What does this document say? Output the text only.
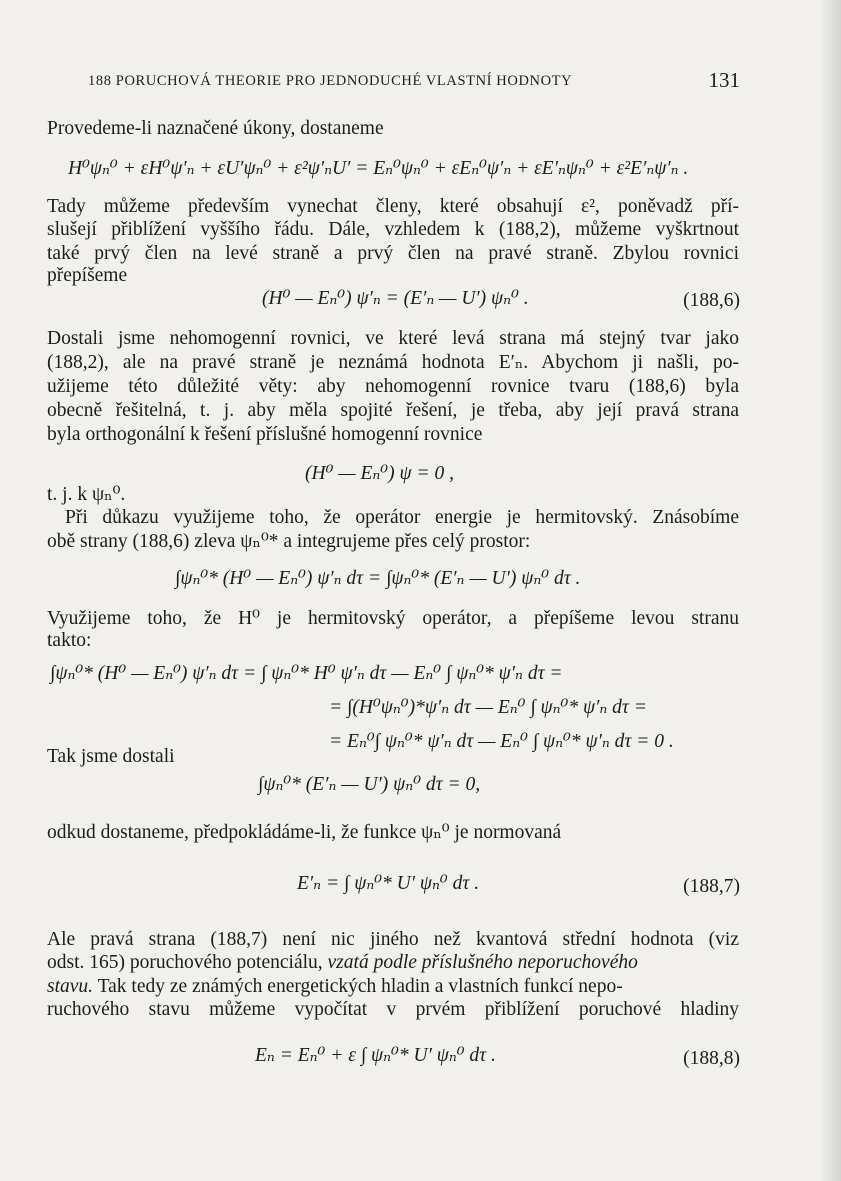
188 PORUCHOVÁ THEORIE PRO JEDNODUCHÉ VLASTNÍ HODNOTY	131
Provedeme-li naznačené úkony, dostaneme
H⁰ψₙ⁰ + εH⁰ψ′ₙ + εU′ψₙ⁰ + ε²ψ′ₙU′ = Eₙ⁰ψₙ⁰ + εEₙ⁰ψ′ₙ + εE′ₙψₙ⁰ + ε²E′ₙψ′ₙ .
Tady můžeme především vynechat členy, které obsahují ε², poněvadž pří-
slušejí přiblížení vyššího řádu. Dále, vzhledem k (188,2), můžeme vyškrtnout
také prvý člen na levé straně a prvý člen na pravé straně. Zbylou rovnici
přepíšeme
(H⁰ — Eₙ⁰) ψ′ₙ = (E′ₙ — U′) ψₙ⁰ .	(188,6)
Dostali jsme nehomogenní rovnici, ve které levá strana má stejný tvar jako
(188,2), ale na pravé straně je neznámá hodnota E′ₙ. Abychom ji našli, po-
užijeme této důležité věty: aby nehomogenní rovnice tvaru (188,6) byla
obecně řešitelná, t. j. aby měla spojité řešení, je třeba, aby její pravá strana
byla orthogonální k řešení příslušné homogenní rovnice
(H⁰ — Eₙ⁰) ψ = 0 ,
t. j. k ψₙ⁰.
Při důkazu využijeme toho, že operátor energie je hermitovský. Znásobíme
obě strany (188,6) zleva ψₙ⁰* a integrujeme přes celý prostor:
∫ψₙ⁰* (H⁰ — Eₙ⁰) ψ′ₙ dτ = ∫ψₙ⁰* (E′ₙ — U′) ψₙ⁰ dτ .
Využijeme toho, že H⁰ je hermitovský operátor, a přepíšeme levou stranu
takto:
∫ψₙ⁰* (H⁰ — Eₙ⁰) ψ′ₙ dτ = ∫ ψₙ⁰* H⁰ ψ′ₙ dτ — Eₙ⁰ ∫ ψₙ⁰* ψ′ₙ dτ =
= ∫(H⁰ψₙ⁰)*ψ′ₙ dτ — Eₙ⁰ ∫ ψₙ⁰* ψ′ₙ dτ =
= Eₙ⁰∫ ψₙ⁰* ψ′ₙ dτ — Eₙ⁰ ∫ ψₙ⁰* ψ′ₙ dτ = 0 .
Tak jsme dostali
∫ψₙ⁰* (E′ₙ — U′) ψₙ⁰ dτ = 0,
odkud dostaneme, předpokládáme-li, že funkce ψₙ⁰ je normovaná
E′ₙ = ∫ ψₙ⁰* U′ ψₙ⁰ dτ .	(188,7)
Ale pravá strana (188,7) není nic jiného než kvantová střední hodnota (viz
odst. 165) poruchového potenciálu, vzatá podle příslušného neporuchového
stavu. Tak tedy ze známých energetických hladin a vlastních funkcí nepo-
ruchového stavu můžeme vypočítat v prvém přiblížení poruchové hladiny
Eₙ = Eₙ⁰ + ε ∫ ψₙ⁰* U′ ψₙ⁰ dτ .	(188,8)
